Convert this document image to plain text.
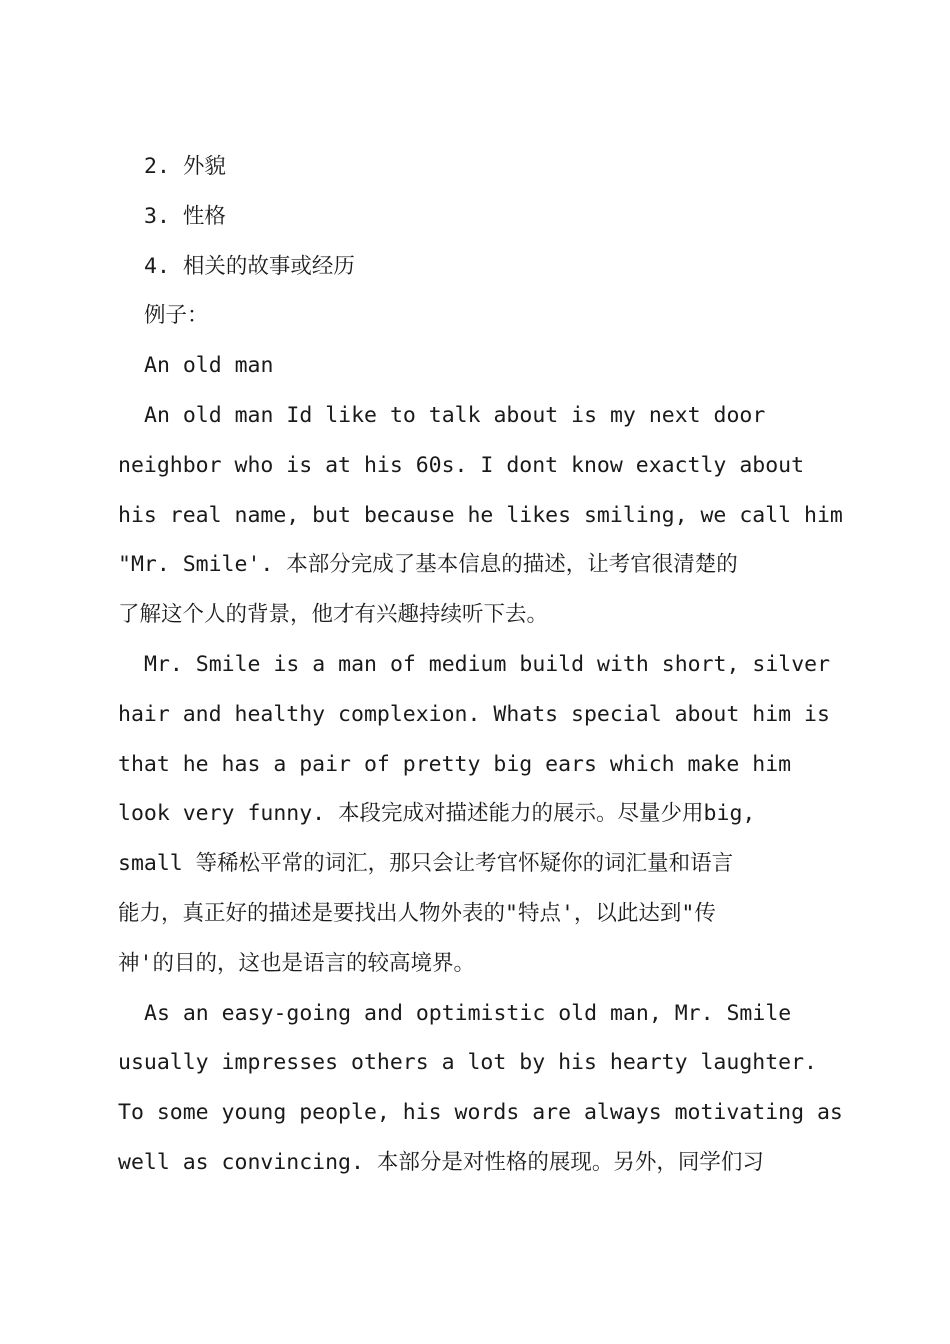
2. 外貌
3. 性格
4. 相关的故事或经历
例子：
An old man
An old man Id like to talk about is my next door
neighbor who is at his 60s. I dont know exactly about
his real name, but because he likes smiling, we call him
"Mr. Smile'. 本部分完成了基本信息的描述，让考官很清楚的
了解这个人的背景，他才有兴趣持续听下去。
Mr. Smile is a man of medium build with short, silver
hair and healthy complexion. Whats special about him is
that he has a pair of pretty big ears which make him
look very funny. 本段完成对描述能力的展示。尽量少用big,
small 等稀松平常的词汇，那只会让考官怀疑你的词汇量和语言
能力，真正好的描述是要找出人物外表的"特点'，以此达到"传
神'的目的，这也是语言的较高境界。
As an easy-going and optimistic old man, Mr. Smile
usually impresses others a lot by his hearty laughter.
To some young people, his words are always motivating as
well as convincing. 本部分是对性格的展现。另外，同学们习
